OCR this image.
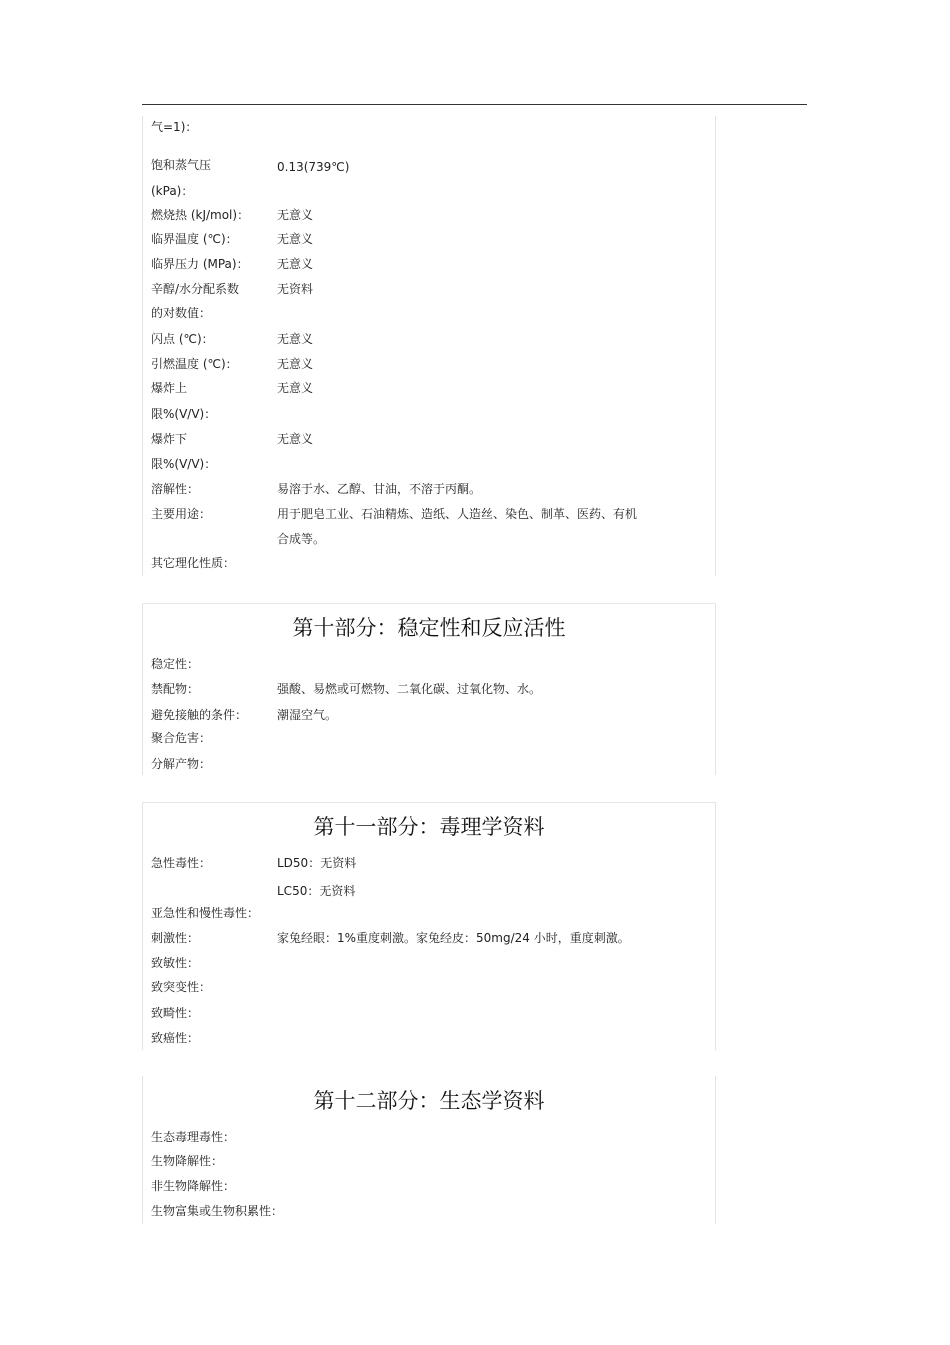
气=1)：
饱和蒸气压	0.13(739℃)
(kPa)：
燃烧热 (kJ/mol)： 无意义
临界温度 (℃)：	无意义
临界压力 (MPa)： 无意义
辛醇/水分配系数	无资料
的对数值：
闪点 (℃)：	无意义
引燃温度 (℃)：	无意义
爆炸上	无意义
限%(V/V)：
爆炸下	无意义
限%(V/V)：
溶解性：	易溶于水、乙醇、甘油，不溶于丙酮。
主要用途：	用于肥皂工业、石油精炼、造纸、人造丝、染色、制革、医药、有机
合成等。
其它理化性质：
第十部分：稳定性和反应活性
稳定性：
禁配物：	强酸、易燃或可燃物、二氧化碳、过氧化物、水。
避免接触的条件： 潮湿空气。
聚合危害：
分解产物：
第十一部分：毒理学资料
急性毒性：	LD50：无资料
LC50：无资料
亚急性和慢性毒性：
刺激性：	家兔经眼：1%重度刺激。家兔经皮：50mg/24 小时，重度刺激。
致敏性：
致突变性：
致畸性：
致癌性：
第十二部分：生态学资料
生态毒理毒性：
生物降解性：
非生物降解性：
生物富集或生物积累性：
